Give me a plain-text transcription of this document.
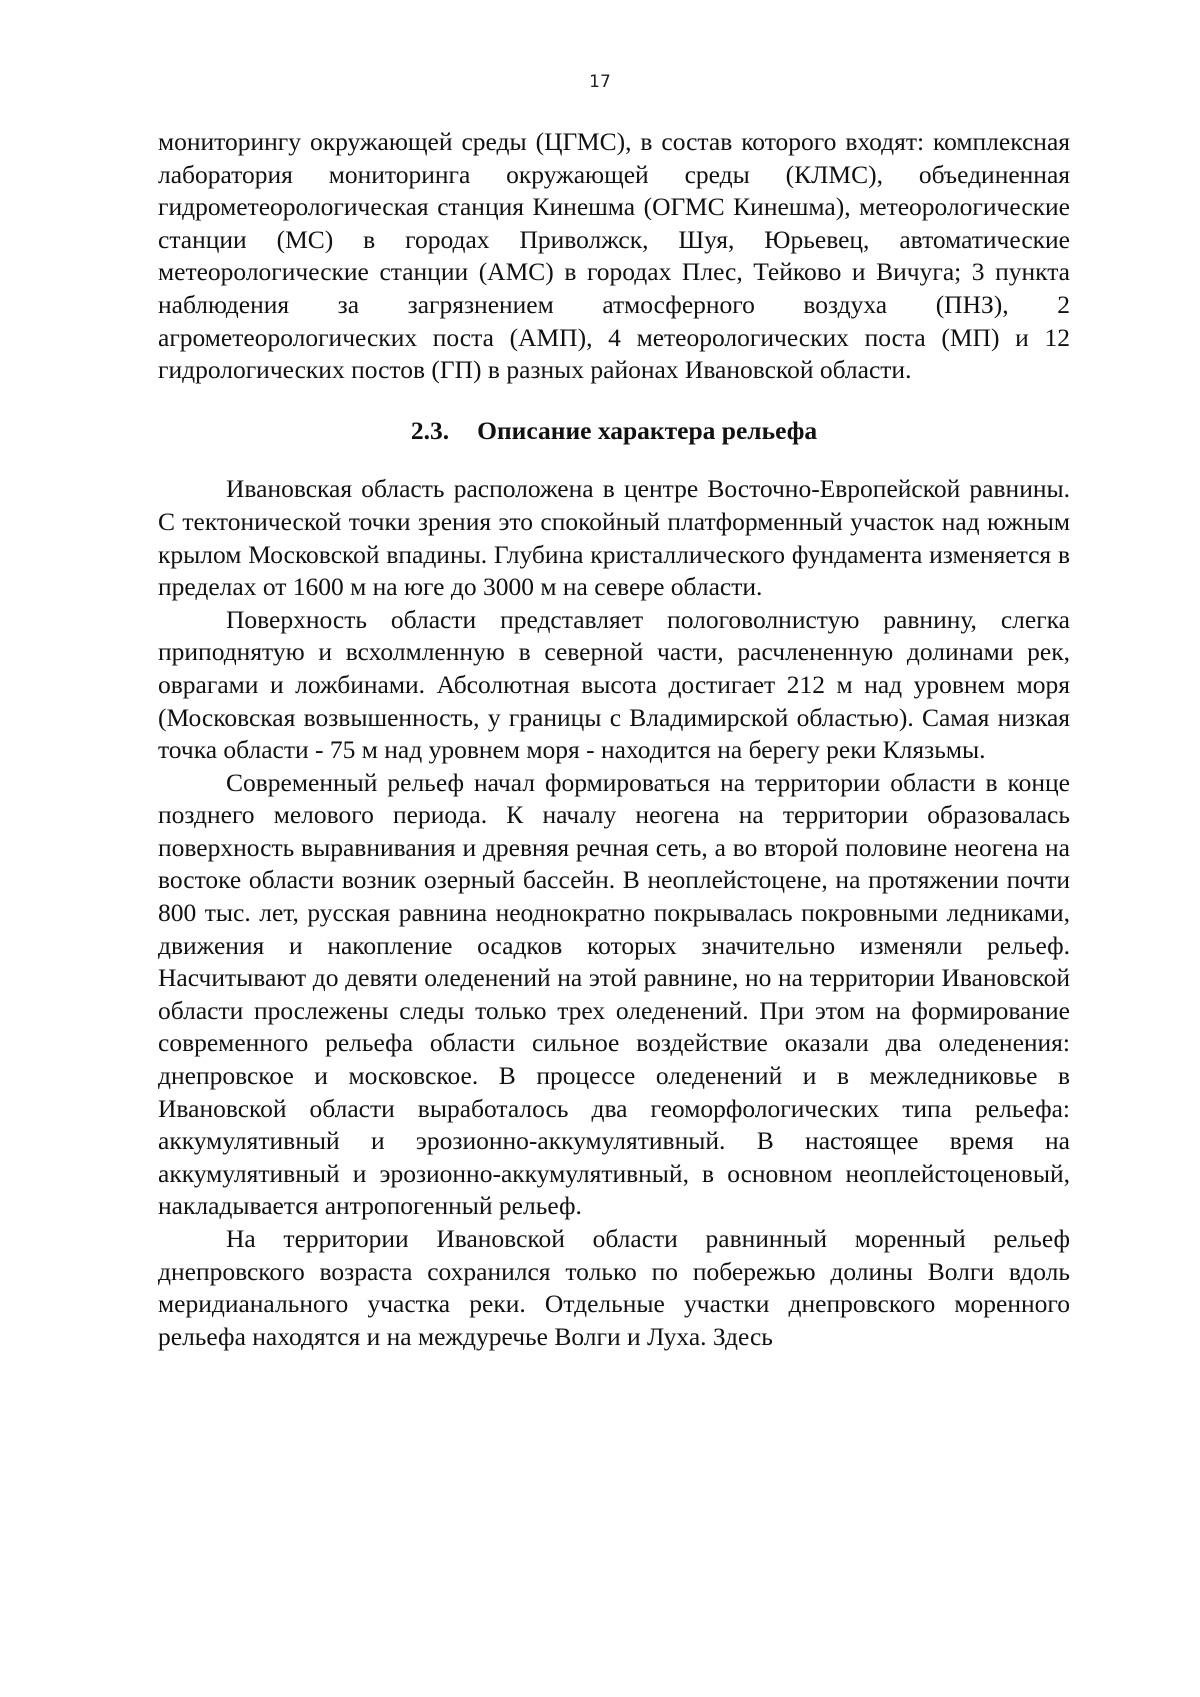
17

мониторингу окружающей среды (ЦГМС), в состав которого входят: комплексная лаборатория мониторинга окружающей среды (КЛМС), объединенная гидрометеорологическая станция Кинешма (ОГМС Кинешма), метеорологические станции (МС) в городах Приволжск, Шуя, Юрьевец, автоматические метеорологические станции (АМС) в городах Плес, Тейково и Вичуга; 3 пункта наблюдения за загрязнением атмосферного воздуха (ПНЗ), 2 агрометеорологических поста (АМП), 4 метеорологических поста (МП) и 12 гидрологических постов (ГП) в разных районах Ивановской области.

2.3. Описание характера рельефа

Ивановская область расположена в центре Восточно-Европейской равнины. С тектонической точки зрения это спокойный платформенный участок над южным крылом Московской впадины. Глубина кристаллического фундамента изменяется в пределах от 1600 м на юге до 3000 м на севере области.

Поверхность области представляет пологоволнистую равнину, слегка приподнятую и всхолмленную в северной части, расчлененную долинами рек, оврагами и ложбинами. Абсолютная высота достигает 212 м над уровнем моря (Московская возвышенность, у границы с Владимирской областью). Самая низкая точка области - 75 м над уровнем моря - находится на берегу реки Клязьмы.

Современный рельеф начал формироваться на территории области в конце позднего мелового периода. К началу неогена на территории образовалась поверхность выравнивания и древняя речная сеть, а во второй половине неогена на востоке области возник озерный бассейн. В неоплейстоцене, на протяжении почти 800 тыс. лет, русская равнина неоднократно покрывалась покровными ледниками, движения и накопление осадков которых значительно изменяли рельеф. Насчитывают до девяти оледенений на этой равнине, но на территории Ивановской области прослежены следы только трех оледенений. При этом на формирование современного рельефа области сильное воздействие оказали два оледенения: днепровское и московское. В процессе оледенений и в межледниковье в Ивановской области выработалось два геоморфологических типа рельефа: аккумулятивный и эрозионно-аккумулятивный. В настоящее время на аккумулятивный и эрозионно-аккумулятивный, в основном неоплейстоценовый, накладывается антропогенный рельеф.

На территории Ивановской области равнинный моренный рельеф днепровского возраста сохранился только по побережью долины Волги вдоль меридианального участка реки. Отдельные участки днепровского моренного рельефа находятся и на междуречье Волги и Луха. Здесь
